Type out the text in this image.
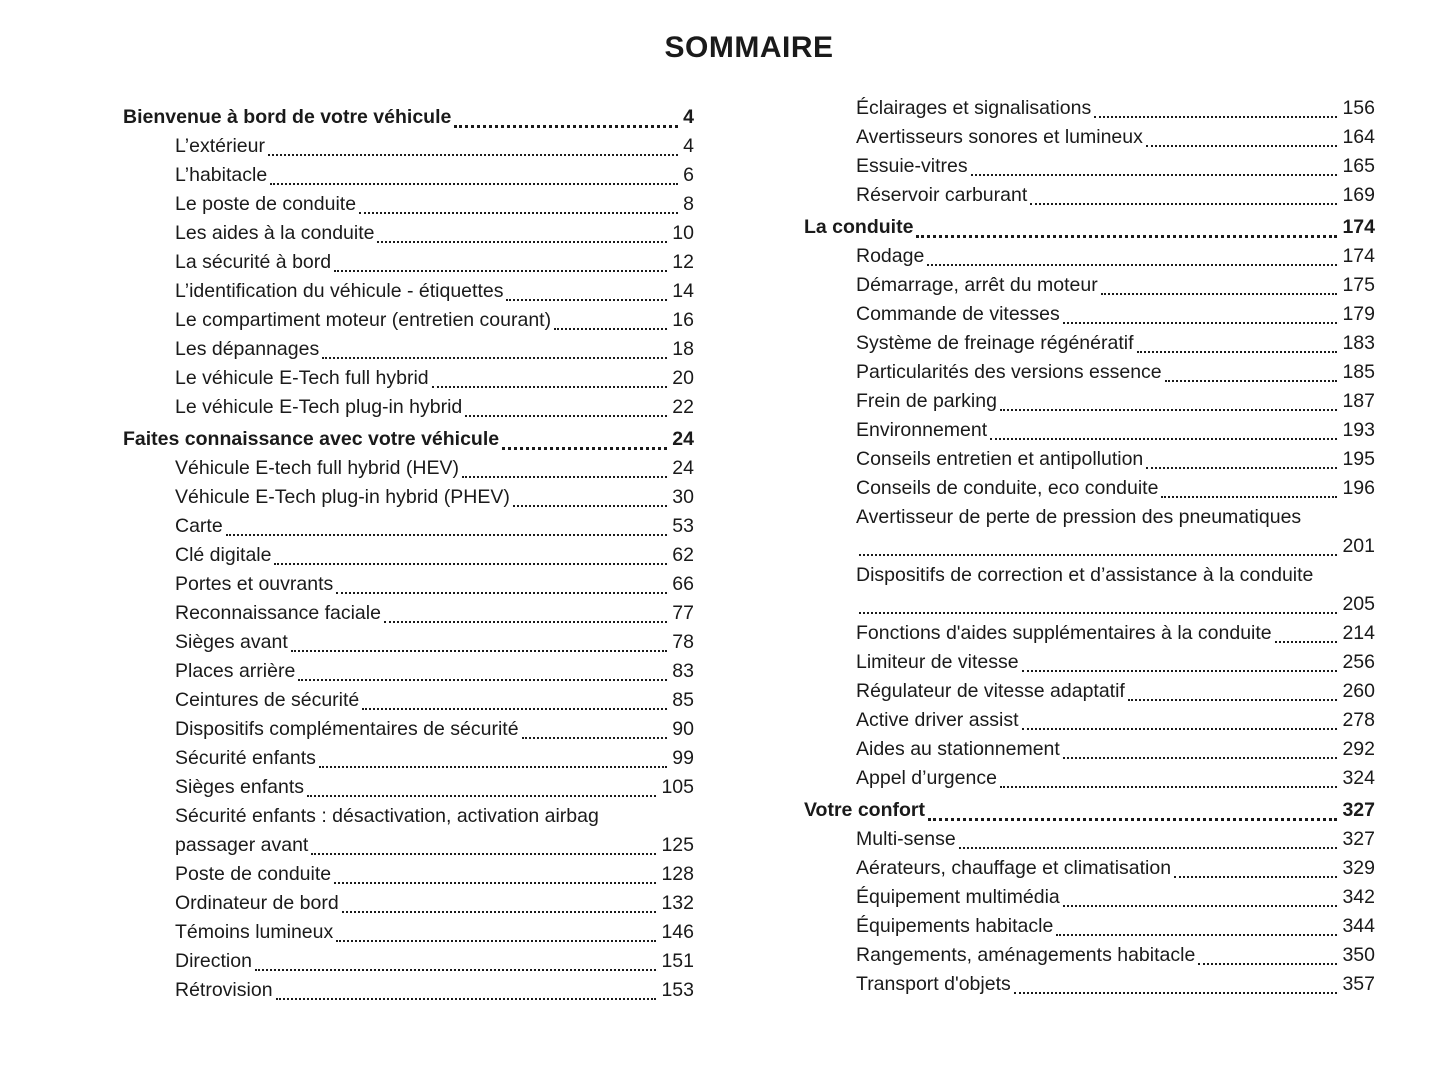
SOMMAIRE
Bienvenue à bord de votre véhicule	4
L’extérieur	4
L’habitacle	6
Le poste de conduite	8
Les aides à la conduite	10
La sécurité à bord	12
L’identification du véhicule - étiquettes	14
Le compartiment moteur (entretien courant)	16
Les dépannages	18
Le véhicule E-Tech full hybrid	20
Le véhicule E-Tech plug-in hybrid	22
Faites connaissance avec votre véhicule	24
Véhicule E-tech full hybrid (HEV)	24
Véhicule E-Tech plug-in hybrid (PHEV)	30
Carte	53
Clé digitale	62
Portes et ouvrants	66
Reconnaissance faciale	77
Sièges avant	78
Places arrière	83
Ceintures de sécurité	85
Dispositifs complémentaires de sécurité	90
Sécurité enfants	99
Sièges enfants	105
Sécurité enfants : désactivation, activation airbag
passager avant	125
Poste de conduite	128
Ordinateur de bord	132
Témoins lumineux	146
Direction	151
Rétrovision	153
Éclairages et signalisations	156
Avertisseurs sonores et lumineux	164
Essuie-vitres	165
Réservoir carburant	169
La conduite	174
Rodage	174
Démarrage, arrêt du moteur	175
Commande de vitesses	179
Système de freinage régénératif	183
Particularités des versions essence	185
Frein de parking	187
Environnement	193
Conseils entretien et antipollution	195
Conseils de conduite, eco conduite	196
Avertisseur de perte de pression des pneumatiques
201
Dispositifs de correction et d’assistance à la conduite
205
Fonctions d'aides supplémentaires à la conduite	214
Limiteur de vitesse	256
Régulateur de vitesse adaptatif	260
Active driver assist	278
Aides au stationnement	292
Appel d’urgence	324
Votre confort	327
Multi-sense	327
Aérateurs, chauffage et climatisation	329
Équipement multimédia	342
Équipements habitacle	344
Rangements, aménagements habitacle	350
Transport d'objets	357
